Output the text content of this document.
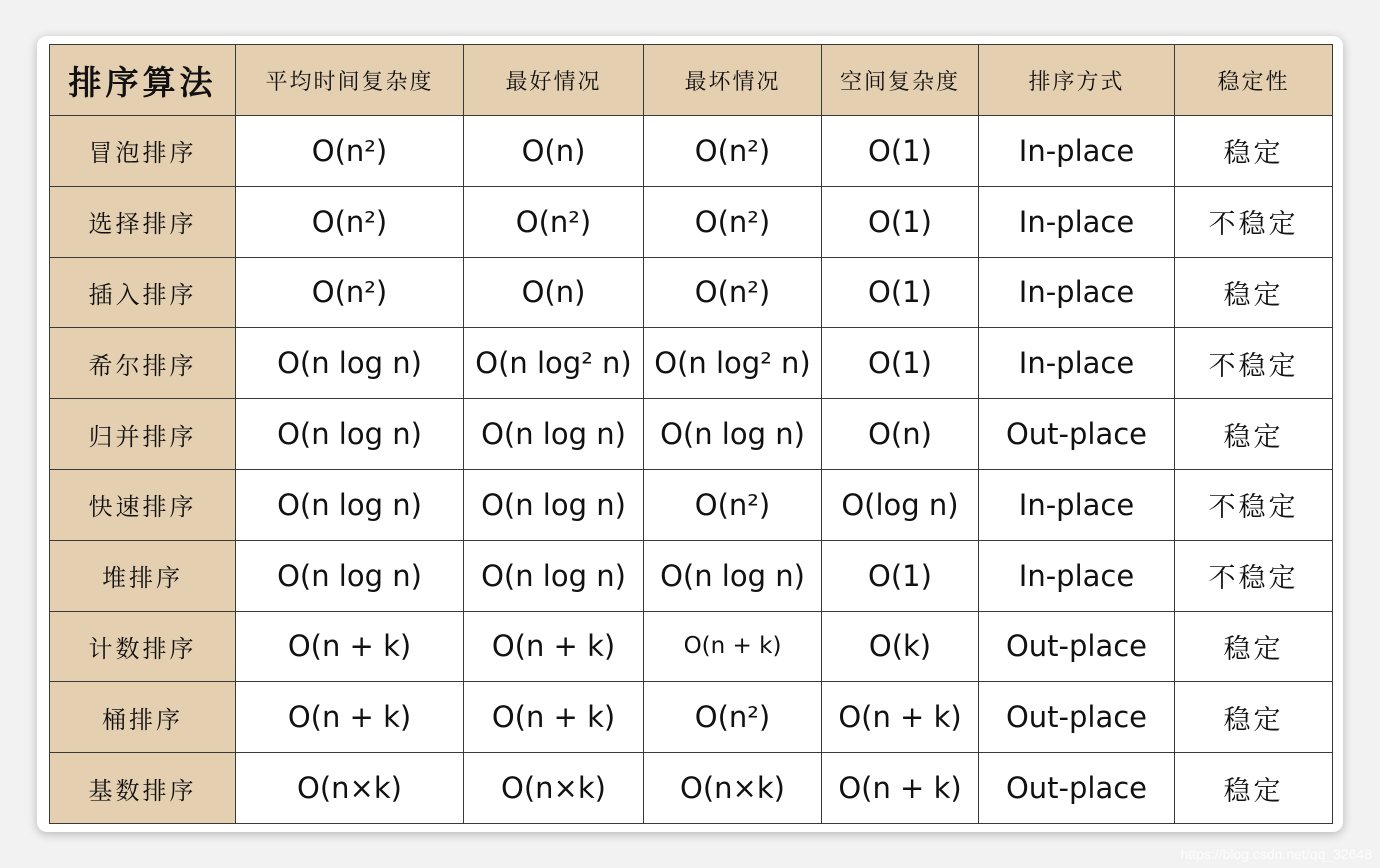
排序算法	平均时间复杂度	最好情况	最坏情况	空间复杂度	排序方式	稳定性
冒泡排序	O(n²)	O(n)	O(n²)	O(1)	In-place	稳定
选择排序	O(n²)	O(n²)	O(n²)	O(1)	In-place	不稳定
插入排序	O(n²)	O(n)	O(n²)	O(1)	In-place	稳定
希尔排序	O(n log n)	O(n log² n)	O(n log² n)	O(1)	In-place	不稳定
归并排序	O(n log n)	O(n log n)	O(n log n)	O(n)	Out-place	稳定
快速排序	O(n log n)	O(n log n)	O(n²)	O(log n)	In-place	不稳定
堆排序	O(n log n)	O(n log n)	O(n log n)	O(1)	In-place	不稳定
计数排序	O(n + k)	O(n + k)	O(n + k)	O(k)	Out-place	稳定
桶排序	O(n + k)	O(n + k)	O(n²)	O(n + k)	Out-place	稳定
基数排序	O(n×k)	O(n×k)	O(n×k)	O(n + k)	Out-place	稳定
https://blog.csdn.net/qq_32648
